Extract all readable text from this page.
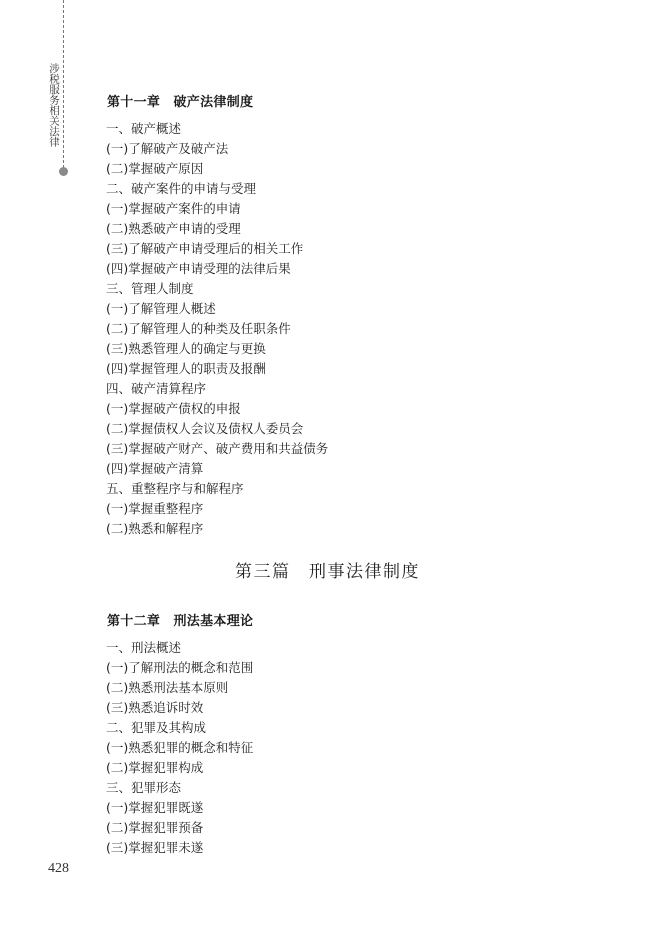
涉税服务相关法律	第十一章　破产法律制度
一、破产概述
(一)了解破产及破产法
(二)掌握破产原因
二、破产案件的申请与受理
(一)掌握破产案件的申请
(二)熟悉破产申请的受理
(三)了解破产申请受理后的相关工作
(四)掌握破产申请受理的法律后果
三、管理人制度
(一)了解管理人概述
(二)了解管理人的种类及任职条件
(三)熟悉管理人的确定与更换
(四)掌握管理人的职责及报酬
四、破产清算程序
(一)掌握破产债权的申报
(二)掌握债权人会议及债权人委员会
(三)掌握破产财产、破产费用和共益债务
(四)掌握破产清算
五、重整程序与和解程序
(一)掌握重整程序
(二)熟悉和解程序
第三篇　刑事法律制度
第十二章　刑法基本理论
一、刑法概述
(一)了解刑法的概念和范围
(二)熟悉刑法基本原则
(三)熟悉追诉时效
二、犯罪及其构成
(一)熟悉犯罪的概念和特征
(二)掌握犯罪构成
三、犯罪形态
(一)掌握犯罪既遂
(二)掌握犯罪预备
(三)掌握犯罪未遂
428
